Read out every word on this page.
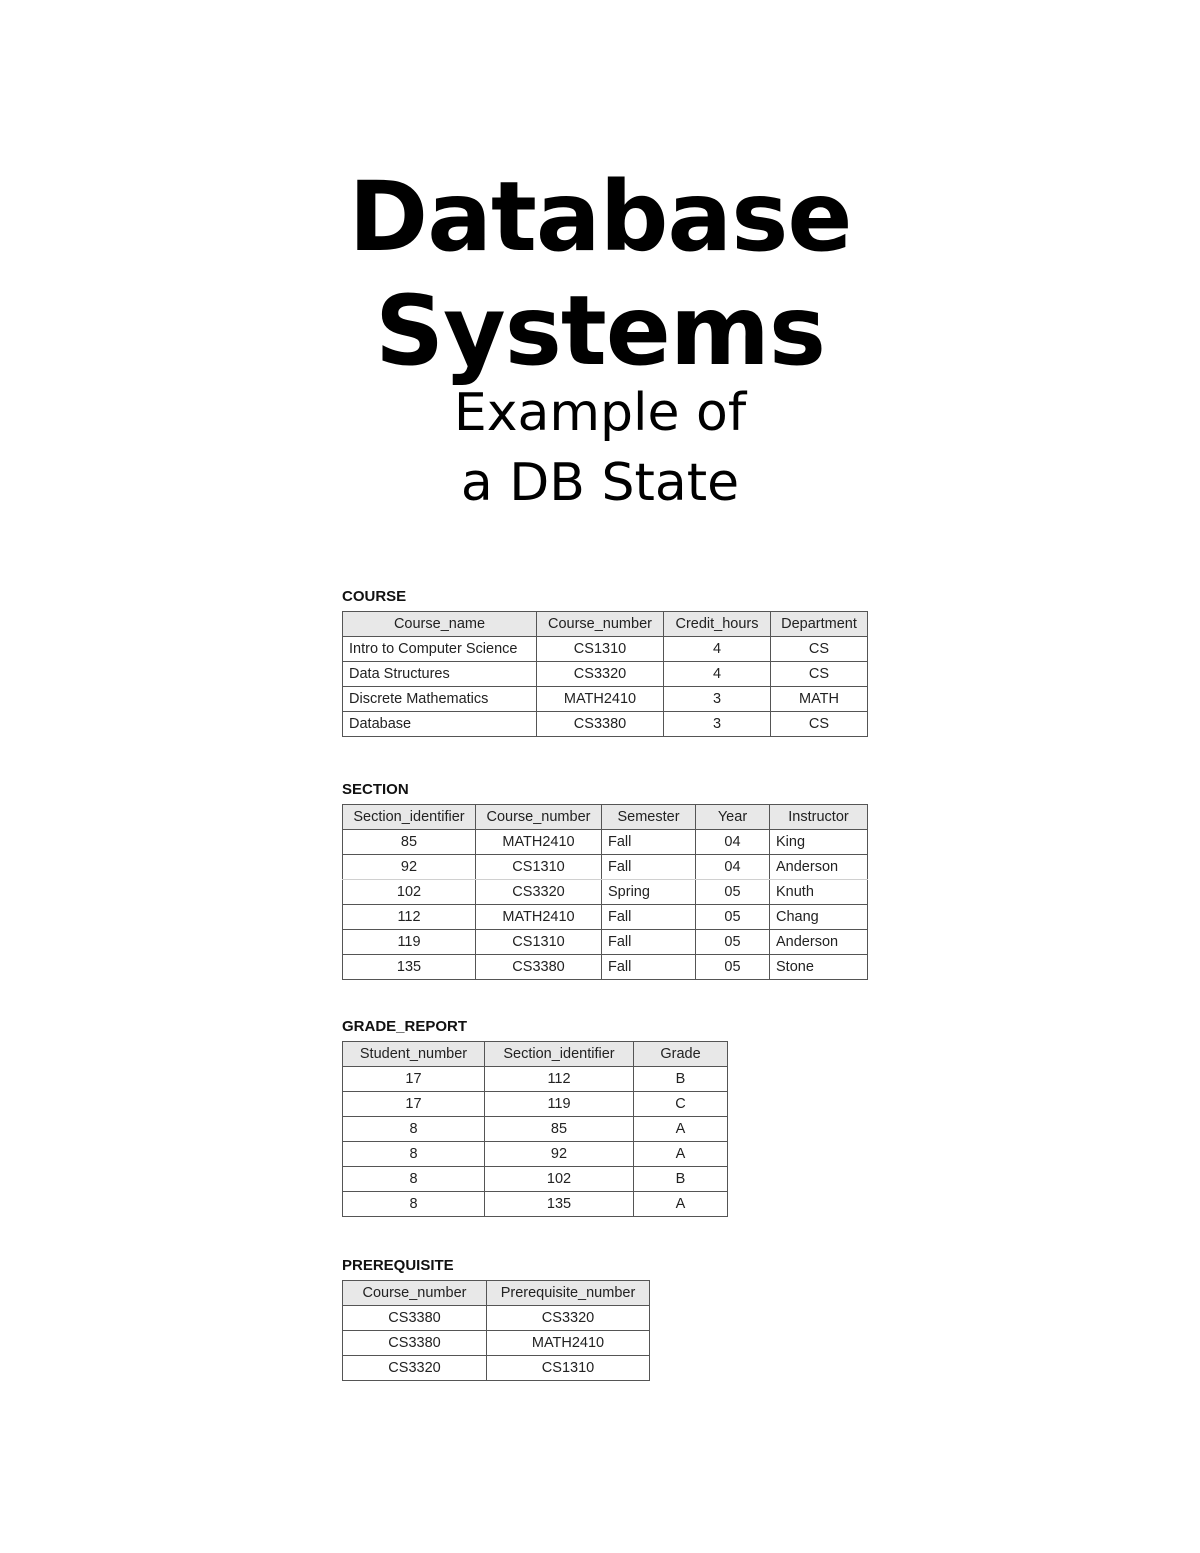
Database
Systems
Example of
a DB State
COURSE
Course_name	Course_number	Credit_hours	Department
Intro to Computer Science	CS1310	4	CS
Data Structures	CS3320	4	CS
Discrete Mathematics	MATH2410	3	MATH
Database	CS3380	3	CS
SECTION
Section_identifier	Course_number	Semester	Year	Instructor
85	MATH2410	Fall	04	King
92	CS1310	Fall	04	Anderson
102	CS3320	Spring	05	Knuth
112	MATH2410	Fall	05	Chang
119	CS1310	Fall	05	Anderson
135	CS3380	Fall	05	Stone
GRADE_REPORT
Student_number	Section_identifier	Grade
17	112	B
17	119	C
8	85	A
8	92	A
8	102	B
8	135	A
PREREQUISITE
Course_number	Prerequisite_number
CS3380	CS3320
CS3380	MATH2410
CS3320	CS1310
